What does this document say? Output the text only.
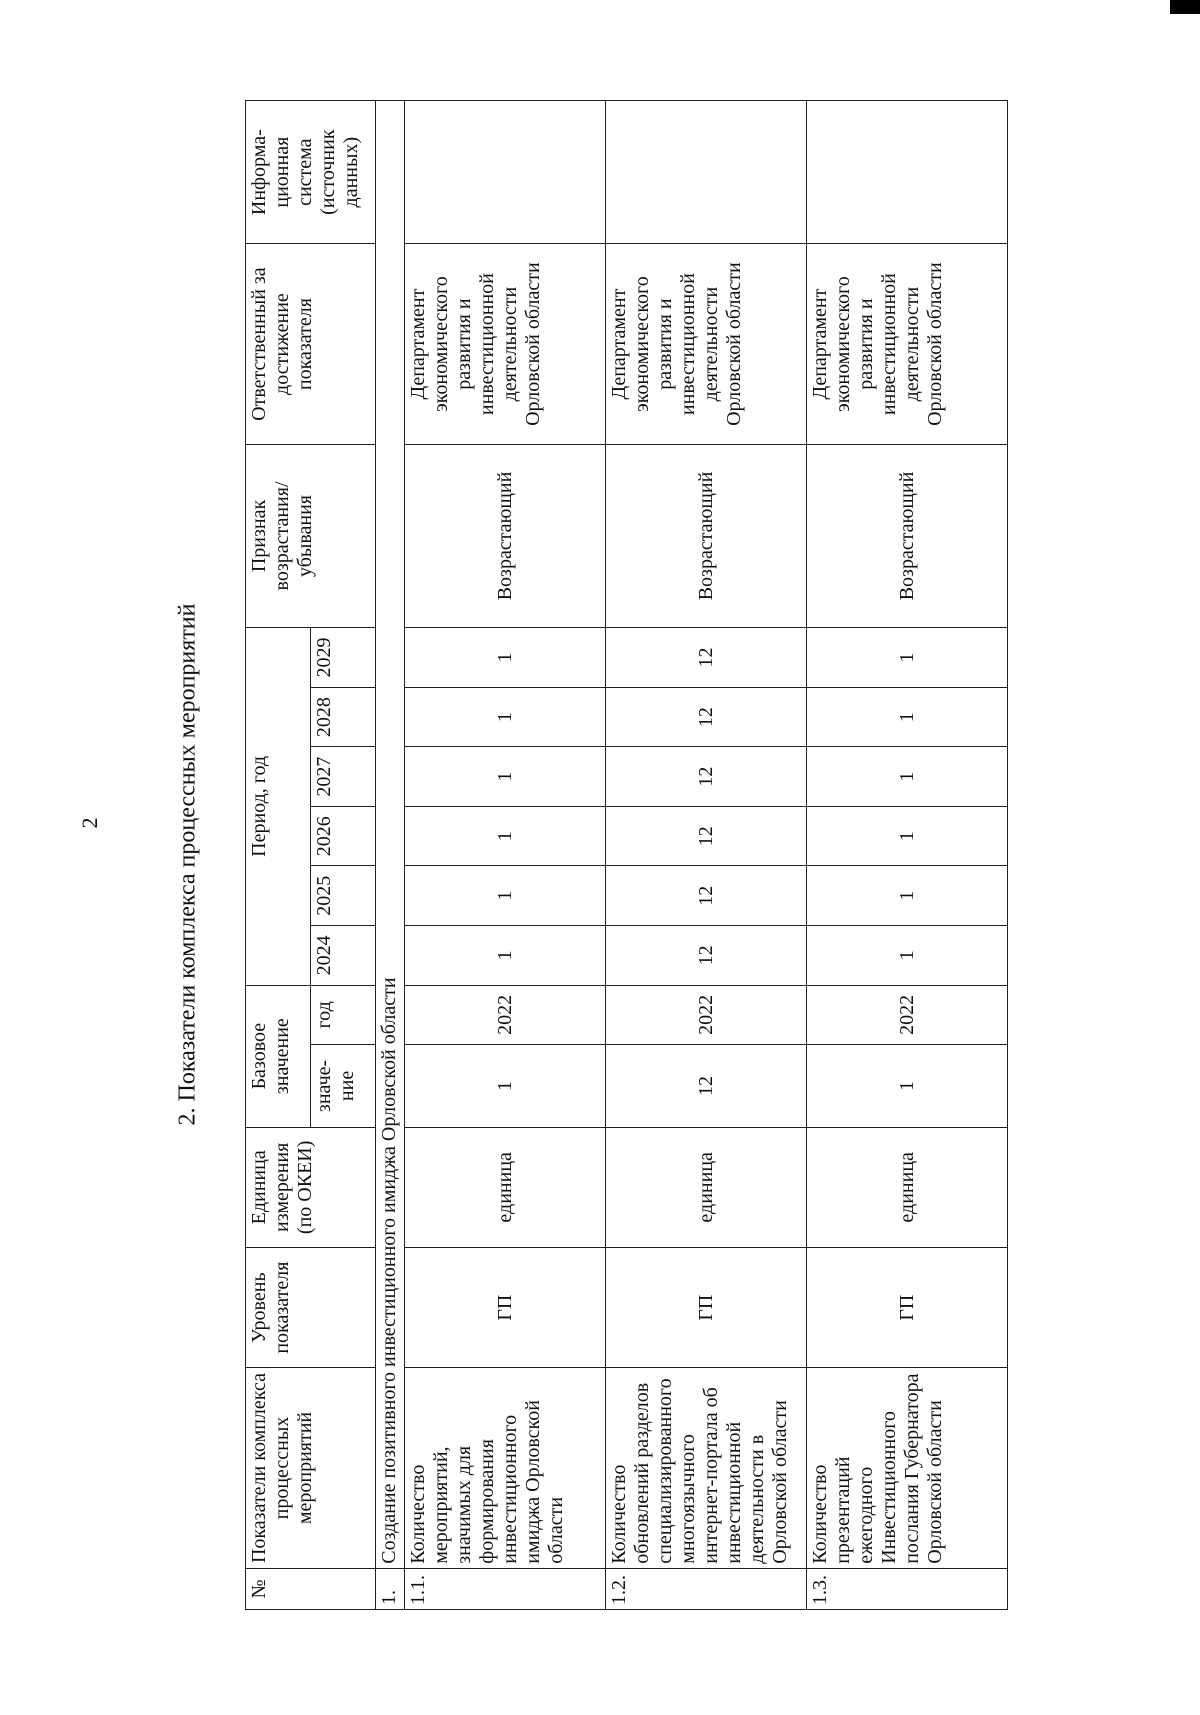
2	2. Показатели комплекса процессных мероприятий
№	Показатели комплекса процессных мероприятий	Уровень показателя	Единица измерения (по ОКЕИ)	Базовое значение		Период, год						Признак возрастания/ убывания	Ответственный за достижение показателя	Информа-ционная система (источник данных)
				значе-ние	год	2024	2025	2026	2027	2028	2029			
1.	Создание позитивного инвестиционного имиджа Орловской области													
1.1.	Количество мероприятий, значимых для формирования инвестиционного имиджа Орловской области	ГП	единица	1	2022	1	1	1	1	1	1	Возрастающий	Департамент экономического развития и инвестиционной деятельности Орловской области	
1.2.	Количество обновлений разделов специализированного многоязычного интернет-портала об инвестиционной деятельности в Орловской области	ГП	единица	12	2022	12	12	12	12	12	12	Возрастающий	Департамент экономического развития и инвестиционной деятельности Орловской области	
1.3.	Количество презентаций ежегодного Инвестиционного послания Губернатора Орловской области	ГП	единица	1	2022	1	1	1	1	1	1	Возрастающий	Департамент экономического развития и инвестиционной деятельности Орловской области	
